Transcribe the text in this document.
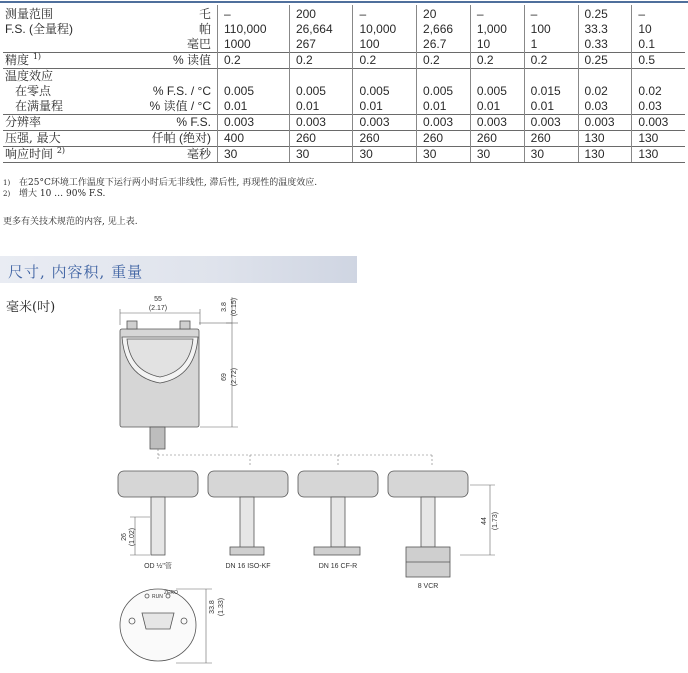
测量范围	乇	–	200	–	20	–	–	0.25	–
F.S. (全量程)	帕	110,000	26,664	10,000	2,666	1,000	100	33.3	10
	毫巴	1000	267	100	26.7	10	1	0.33	0.1
精度 $^{1)}$	% 读值	0.2	0.2	0.2	0.2	0.2	0.2	0.25	0.5
温度效应									
在零点	% F.S. / °C	0.005	0.005	0.005	0.005	0.005	0.015	0.02	0.02
在满量程	% 读值 / °C	0.01	0.01	0.01	0.01	0.01	0.01	0.03	0.03
分辨率	% F.S.	0.003	0.003	0.003	0.003	0.003	0.003	0.003	0.003
压强, 最大	仟帕 (绝对)	400	260	260	260	260	260	130	130
响应时间 $^{2)}$	毫秒	30	30	30	30	30	30	130	130
1) 在25°C环境工作温度下运行两小时后无非线性, 滞后性, 再现性的温度效应.
2) 增大 10 … 90% F.S.
更多有关技术规范的内容, 见上表.
尺寸, 内容积, 重量
毫米(吋)
55
(2.17)	3.8 (0.15)
69 (2.72)
26 (1.02)
44 (1.73)
33.8 (1.33)
OD ½"管	DN 16 ISO-KF	DN 16 CF-R
8 VCR
RUN
ZERO
